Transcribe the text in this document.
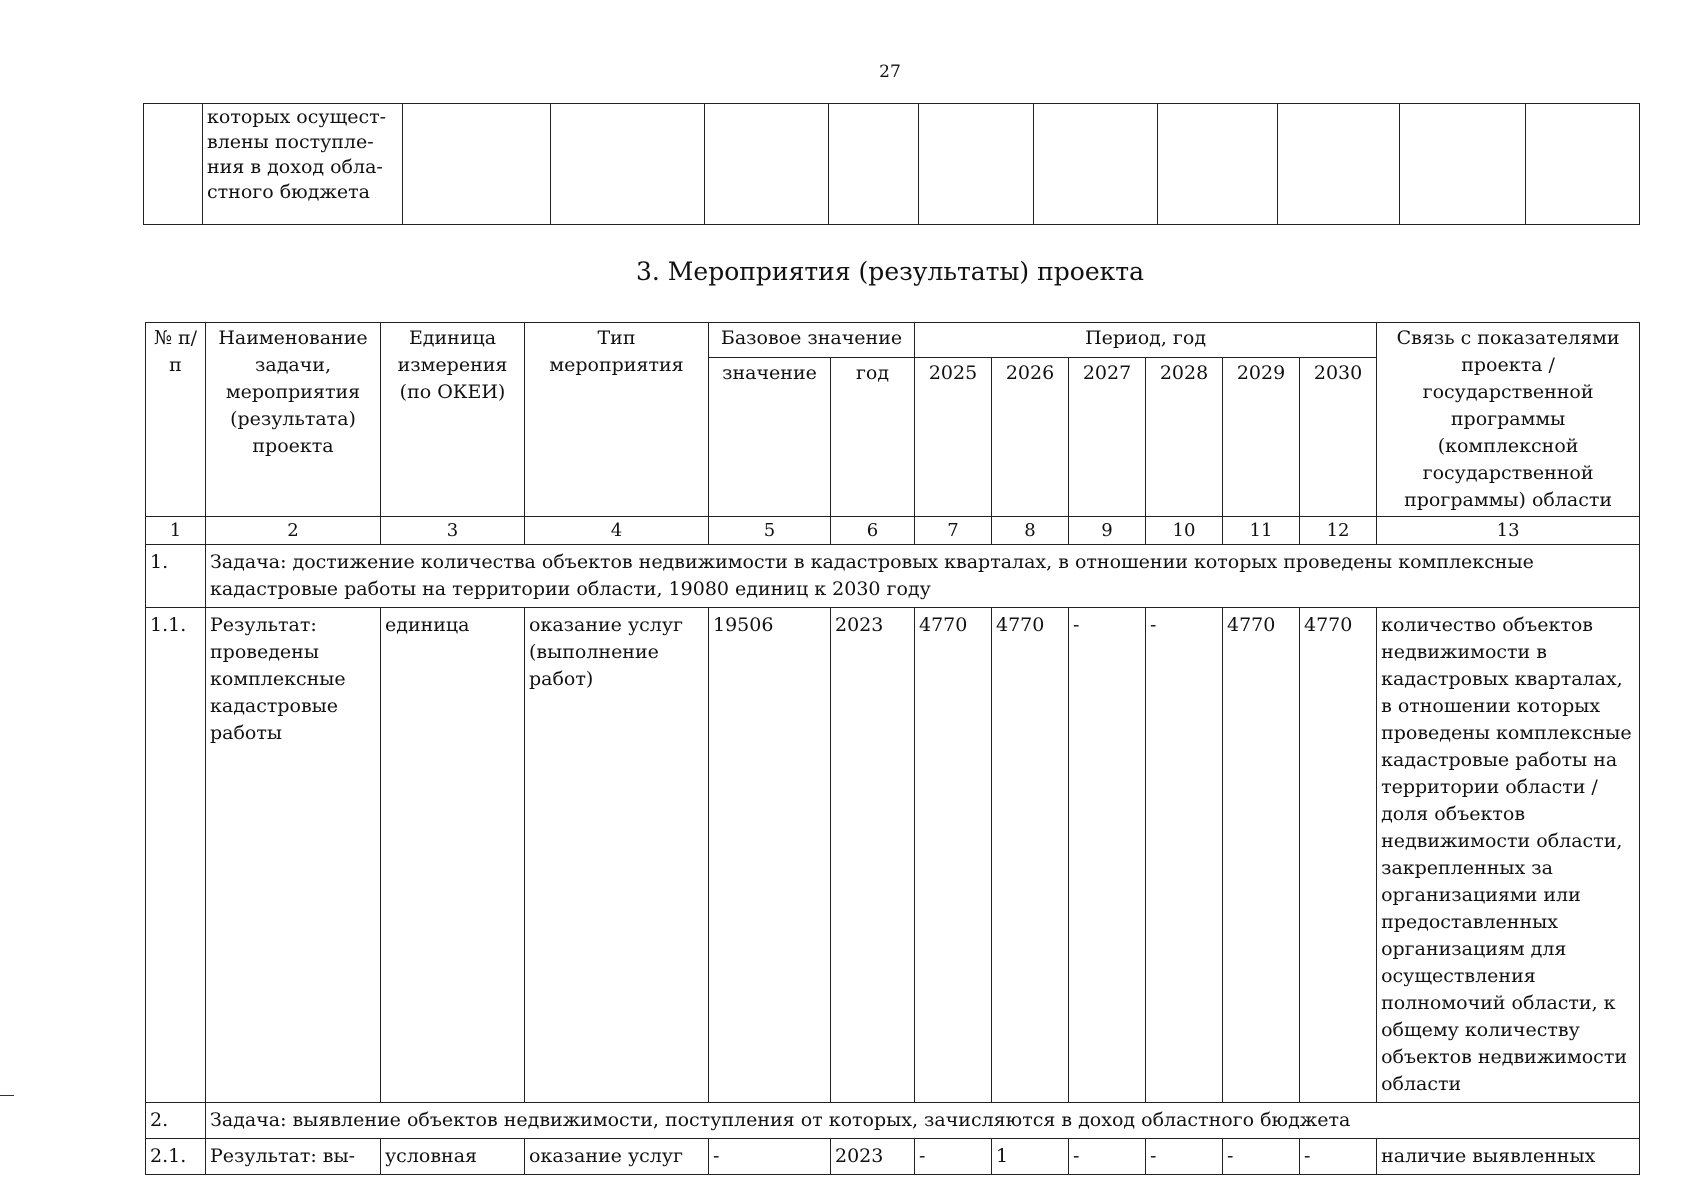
27

которых осущест-
влены поступле-
ния в доход обла-
стного бюджета

3. Мероприятия (результаты) проекта
№ п/п	Наименование задачи, мероприятия (результата) проекта	Единица измерения (по ОКЕИ)	Тип мероприятия	Базовое значение		Период, год						Связь с показателями проекта / государственной программы (комплексной государственной программы) области
				значение	год	2025	2026	2027	2028	2029	2030	
1	2	3	4	5	6	7	8	9	10	11	12	13
1.	Задача: достижение количества объектов недвижимости в кадастровых кварталах, в отношении которых проведены комплексные кадастровые работы на территории области, 19080 единиц к 2030 году											
1.1.	Результат: проведены комплексные кадастровые работы	единица	оказание услуг (выполнение работ)	19506	2023	4770	4770	-	-	4770	4770	количество объектов недвижимости в кадастровых кварталах, в отношении которых проведены комплексные кадастровые работы на территории области / доля объектов недвижимости области, закрепленных за организациями или предоставленных организациям для осуществления полномочий области, к общему количеству объектов недвижимости области
2.	Задача: выявление объектов недвижимости, поступления от которых, зачисляются в доход областного бюджета											
2.1.	Результат: вы-	условная	оказание услуг	-	2023	-	1	-	-	-	-	наличие выявленных
